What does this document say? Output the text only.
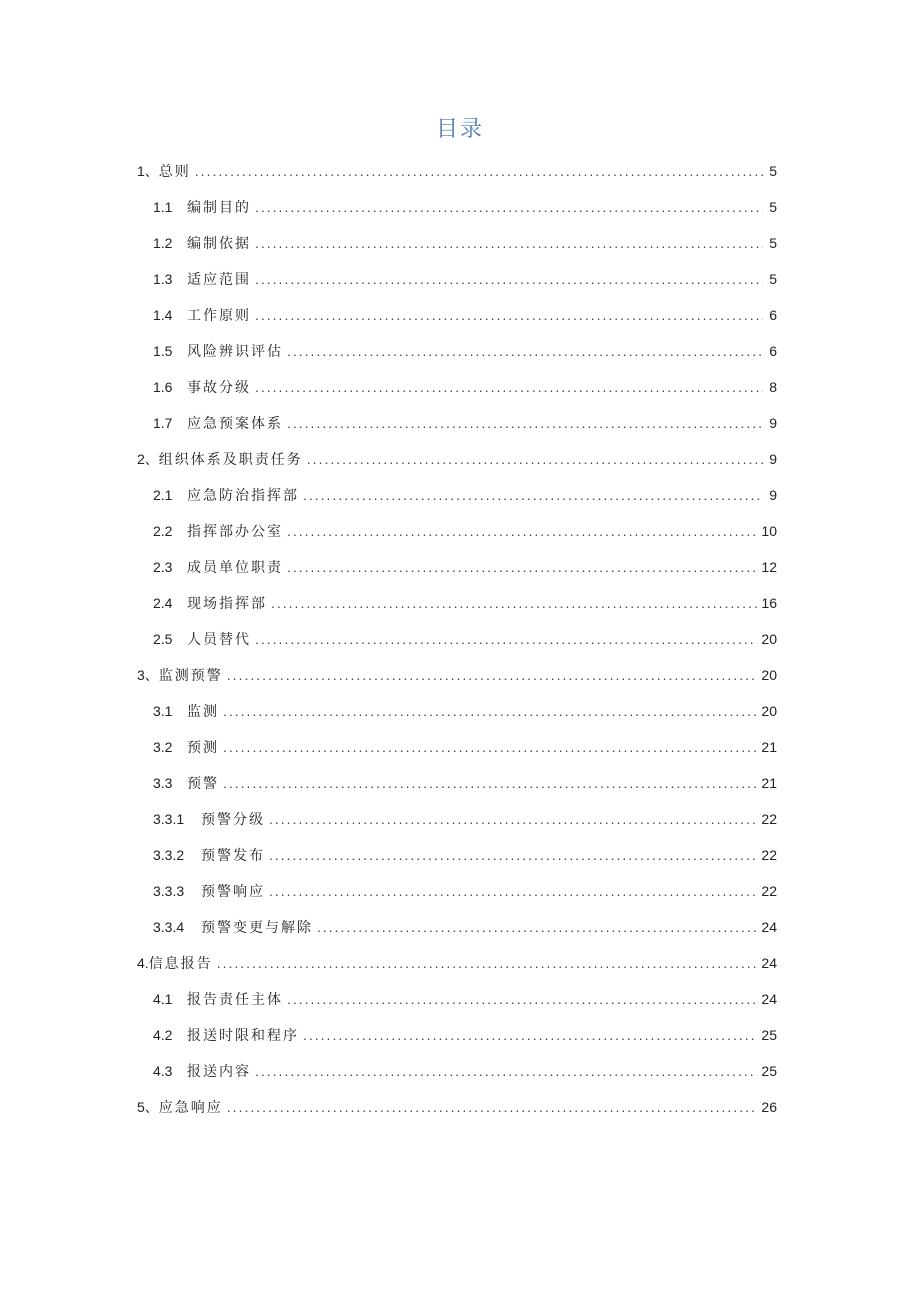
目录
1、 总则 .....	5
1.1	编制目的 .....	5
1.2	编制依据 .....	5
1.3	适应范围 .....	5
1.4	工作原则 .....	6
1.5	风险辨识评估 .....	6
1.6	事故分级 .....	8
1.7	应急预案体系 .....	9
2、 组织体系及职责任务 .....	9
2.1	应急防治指挥部 .....	9
2.2	指挥部办公室 .....	10
2.3	成员单位职责 .....	12
2.4	现场指挥部 .....	16
2.5	人员替代 .....	20
3、 监测预警 .....	20
3.1	监测 .....	20
3.2	预测 .....	21
3.3	预警 .....	21
3.3.1	预警分级 .....	22
3.3.2	预警发布 .....	22
3.3.3	预警响应 .....	22
3.3.4	预警变更与解除 .....	24
4. 信息报告 .....	24
4.1	报告责任主体 .....	24
4.2	报送时限和程序 .....	25
4.3	报送内容 .....	25
5、 应急响应 .....	26
